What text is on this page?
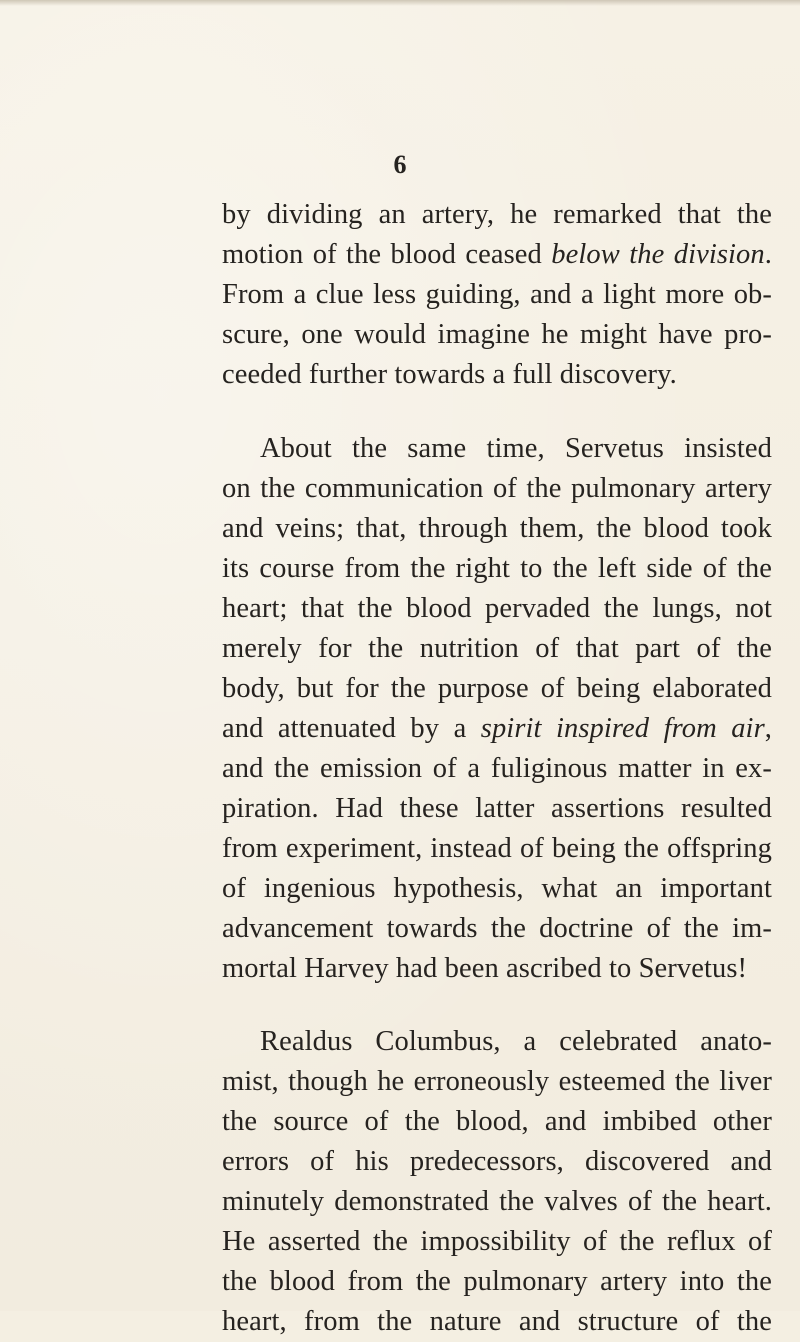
6
by dividing an artery, he remarked that the
motion of the blood ceased below the division.
From a clue less guiding, and a light more ob-
scure, one would imagine he might have pro-
ceeded further towards a full discovery.
About the same time, Servetus insisted
on the communication of the pulmonary artery
and veins; that, through them, the blood took
its course from the right to the left side of the
heart; that the blood pervaded the lungs, not
merely for the nutrition of that part of the
body, but for the purpose of being elaborated
and attenuated by a spirit inspired from air,
and the emission of a fuliginous matter in ex-
piration. Had these latter assertions resulted
from experiment, instead of being the offspring
of ingenious hypothesis, what an important
advancement towards the doctrine of the im-
mortal Harvey had been ascribed to Servetus!
Realdus Columbus, a celebrated anato-
mist, though he erroneously esteemed the liver
the source of the blood, and imbibed other
errors of his predecessors, discovered and
minutely demonstrated the valves of the heart.
He asserted the impossibility of the reflux of
the blood from the pulmonary artery into the
heart, from the nature and structure of the
